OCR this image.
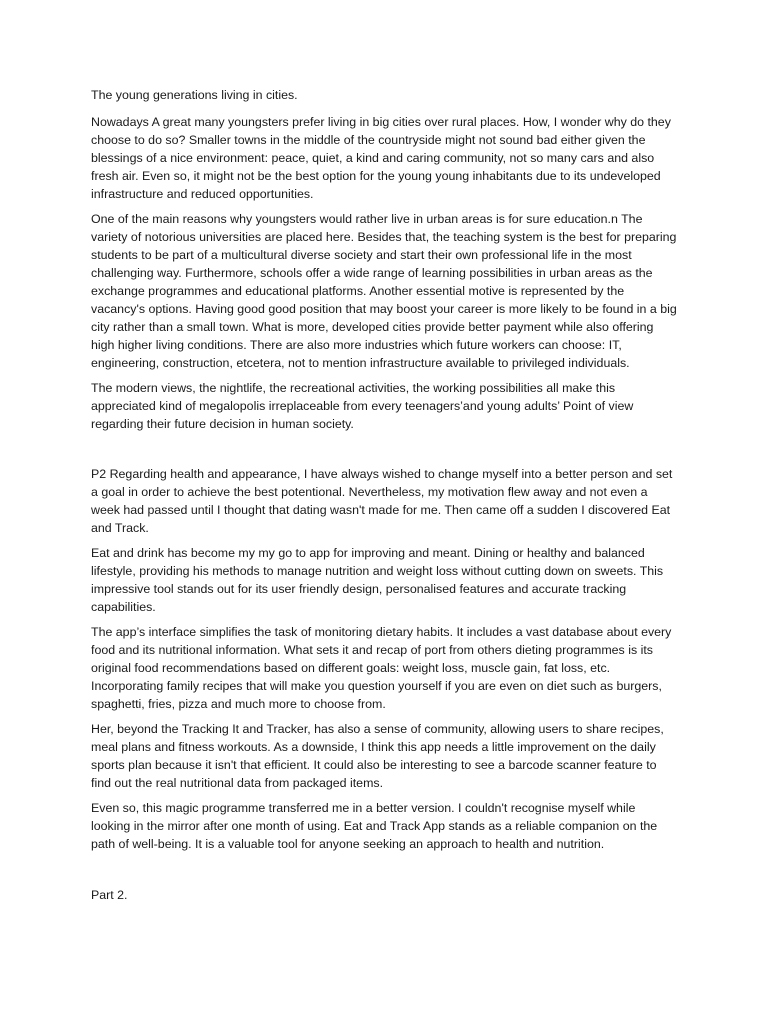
The young generations living in cities.

Nowadays A great many youngsters prefer living in big cities over rural places. How, I wonder why do they choose to do so? Smaller towns in the middle of the countryside might not sound bad either given the blessings of a nice environment: peace, quiet, a kind and caring community, not so many cars and also fresh air. Even so, it might not be the best option for the young young inhabitants due to its undeveloped infrastructure and reduced opportunities.

One of the main reasons why youngsters would rather live in urban areas is for sure education.n The variety of notorious universities are placed here. Besides that, the teaching system is the best for preparing students to be part of a multicultural diverse society and start their own professional life in the most challenging way. Furthermore, schools offer a wide range of learning possibilities in urban areas as the exchange programmes and educational platforms. Another essential motive is represented by the vacancy's options. Having good good position that may boost your career is more likely to be found in a big city rather than a small town. What is more, developed cities provide better payment while also offering high higher living conditions. There are also more industries which future workers can choose: IT, engineering, construction, etcetera, not to mention infrastructure available to privileged individuals.

The modern views, the nightlife, the recreational activities, the working possibilities all make this appreciated kind of megalopolis irreplaceable from every teenagers’and young adults’ Point of view regarding their future decision in human society.

P2 Regarding health and appearance, I have always wished to change myself into a better person and set a goal in order to achieve the best potentional. Nevertheless, my motivation flew away and not even a week had passed until I thought that dating wasn't made for me. Then came off a sudden I discovered Eat and Track.

Eat and drink has become my my go to app for improving and meant. Dining or healthy and balanced lifestyle, providing his methods to manage nutrition and weight loss without cutting down on sweets. This impressive tool stands out for its user friendly design, personalised features and accurate tracking capabilities.

The app’s interface simplifies the task of monitoring dietary habits. It includes a vast database about every food and its nutritional information. What sets it and recap of port from others dieting programmes is its original food recommendations based on different goals: weight loss, muscle gain, fat loss, etc. Incorporating family recipes that will make you question yourself if you are even on diet such as burgers, spaghetti, fries, pizza and much more to choose from.

Her, beyond the Tracking It and Tracker, has also a sense of community, allowing users to share recipes, meal plans and fitness workouts. As a downside, I think this app needs a little improvement on the daily sports plan because it isn't that efficient. It could also be interesting to see a barcode scanner feature to find out the real nutritional data from packaged items.

Even so, this magic programme transferred me in a better version. I couldn't recognise myself while looking in the mirror after one month of using. Eat and Track App stands as a reliable companion on the path of well-being. It is a valuable tool for anyone seeking an approach to health and nutrition.

Part 2.
